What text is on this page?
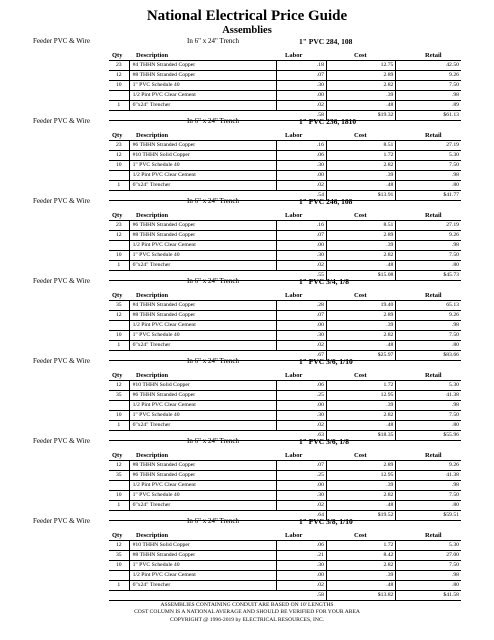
National Electrical Price Guide
Assemblies
Feeder PVC & Wire	In 6" x 24" Trench	1" PVC 284, 108
Qty Description	Labor	Cost	Retail
23	#4 THHN Stranded Copper	.18	12.75	42.50
12	#8 THHN Stranded Copper	.07	2.89	9.26
10	1" PVC Schedule 40	.30	2.82	7.50
	1/2 Pint PVC Clear Cement	.00	.39	.98
1	6"x24" Trencher	.02	.48	.89
		.58	$19.32	$61.13
Feeder PVC & Wire	In 6" x 24" Trench	1" PVC 236, 1810
Qty Description	Labor	Cost	Retail
23	#6 THHN Stranded Copper	.16	8.51	27.19
12	#10 THHN Solid Copper	.06	1.72	5.30
10	1" PVC Schedule 40	.30	2.82	7.50
	1/2 Pint PVC Clear Cement	.00	.39	.98
1	6"x24" Trencher	.02	.48	.80
		.54	$13.91	$41.77
Feeder PVC & Wire	In 6" x 24" Trench	1" PVC 246, 108
Qty Description	Labor	Cost	Retail
23	#6 THHN Stranded Copper	.16	8.51	27.19
12	#8 THHN Stranded Copper	.07	2.89	9.26
	1/2 Pint PVC Clear Cement	.00	.39	.98
10	1" PVC Schedule 40	.30	2.82	7.50
1	6"x24" Trencher	.02	.48	.80
		.55	$15.08	$45.73
Feeder PVC & Wire	In 6" x 24" Trench	1" PVC 3/4, 1/8
Qty Description	Labor	Cost	Retail
35	#4 THHN Stranded Copper	.28	19.40	65.13
12	#8 THHN Stranded Copper	.07	2.89	9.26
	1/2 Pint PVC Clear Cement	.00	.39	.98
10	1" PVC Schedule 40	.30	2.82	7.50
1	6"x24" Trencher	.02	.48	.80
		.67	$25.97	$83.66
Feeder PVC & Wire	In 6" x 24" Trench	1" PVC 3/6, 1/10
Qty Description	Labor	Cost	Retail
12	#10 THHN Solid Copper	.06	1.72	5.30
35	#6 THHN Stranded Copper	.25	12.95	41.38
	1/2 Pint PVC Clear Cement	.00	.39	.98
10	1" PVC Schedule 40	.30	2.82	7.50
1	6"x24" Trencher	.02	.48	.80
		.63	$18.35	$55.96
Feeder PVC & Wire	In 6" x 24" Trench	1" PVC 3/6, 1/8
Qty Description	Labor	Cost	Retail
12	#8 THHN Stranded Copper	.07	2.89	9.26
35	#6 THHN Stranded Copper	.25	12.95	41.38
	1/2 Pint PVC Clear Cement	.00	.39	.98
10	1" PVC Schedule 40	.30	2.82	7.50
1	6"x24" Trencher	.02	.48	.80
		.64	$19.52	$59.51
Feeder PVC & Wire	In 6" x 24" Trench	1" PVC 3/8, 1/10
Qty Description	Labor	Cost	Retail
12	#10 THHN Solid Copper	.06	1.72	5.30
35	#8 THHN Stranded Copper	.21	8.42	27.00
10	1" PVC Schedule 40	.30	2.82	7.50
	1/2 Pint PVC Clear Cement	.00	.39	.98
1	6"x24" Trencher	.02	.48	.80
		.58	$13.82	$41.58
ASSEMBLIES CONTAINING CONDUIT ARE BASED ON 10' LENGTHS
COST COLUMN IS A NATIONAL AVERAGE AND SHOULD BE VERIFIED FOR YOUR AREA
COPYRIGHT @ 1996-2019 by ELECTRICAL RESOURCES, INC.
